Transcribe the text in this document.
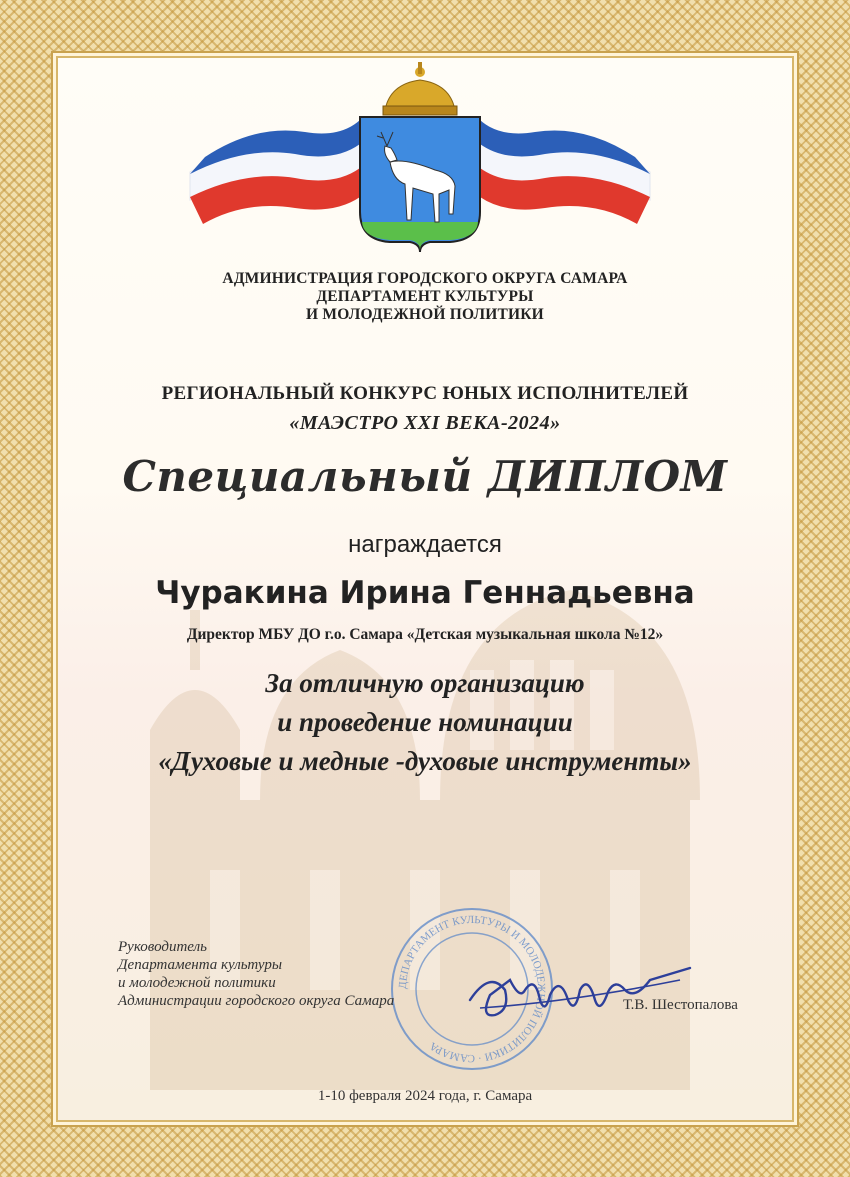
АДМИНИСТРАЦИЯ ГОРОДСКОГО ОКРУГА САМАРА
ДЕПАРТАМЕНТ КУЛЬТУРЫ
И МОЛОДЕЖНОЙ ПОЛИТИКИ
РЕГИОНАЛЬНЫЙ КОНКУРС ЮНЫХ ИСПОЛНИТЕЛЕЙ
«МАЭСТРО XXI ВЕКА-2024»
Специальный ДИПЛОМ
награждается
Чуракина Ирина Геннадьевна
Директор МБУ ДО г.о. Самара «Детская музыкальная школа №12»
За отличную организацию
и проведение номинации
«Духовые и медные -духовые инструменты»
ДЕПАРТАМЕНТ КУЛЬТУРЫ И МОЛОДЕЖНОЙ ПОЛИТИКИ · САМАРА
Руководитель
Департамента культуры
и молодежной политики
Администрации городского округа Самара	Т.В. Шестопалова
1-10 февраля 2024 года, г. Самара
